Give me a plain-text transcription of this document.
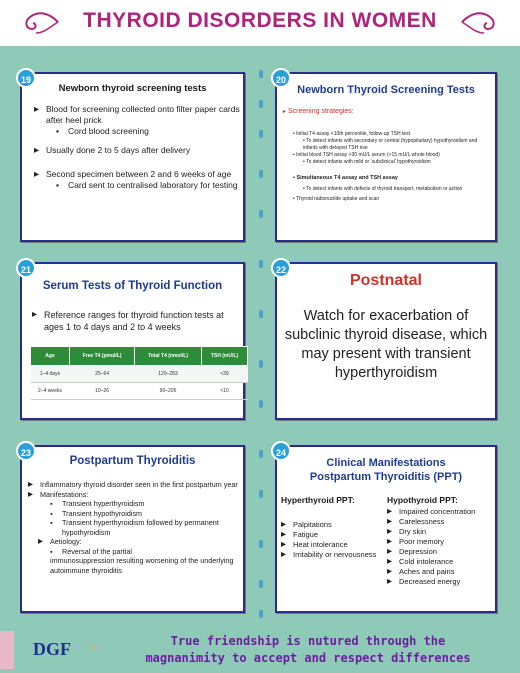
THYROID DISORDERS IN WOMEN
19
Newborn thyroid screening tests
▸ Blood for screening collected onto filter paper cards after heel prick
▪ Cord blood screening
▸ Usually done 2 to 5 days after delivery
▸ Second specimen between 2 and 6 weeks of age
▪ Card sent to centralised laboratory for testing
20
Newborn Thyroid Screening Tests
▸ Screening strategies:
• Initial T4 assay <10th percentile, follow-up TSH test
• To detect infants with secondary or central (hypopituitary) hypothyroidism and infants with delayed TSH rise
• Initial blood TSH assay >30 mU/L serum (>15 mU/L whole blood)
• To detect infants with mild or ‘subclinical’ hypothyroidism
• Simultaneous T4 assay and TSH assay
• To detect infants with defects of thyroid transport, metabolism or action
• Thyroid radionuclide uptake and scan
21
Serum Tests of Thyroid Function
▸ Reference ranges for thyroid function tests at ages 1 to 4 days and 2 to 4 weeks
Age	Free T4 (pmol/L)	Total T4 (nmol/L)	TSH (mU/L)
1–4 days	25–64	129–283	<39
2–4 weeks	10–26	90–206	<10
22
Postnatal
Watch for exacerbation of subclinic thyroid disease, which may present with transient hyperthyroidism
23
Postpartum Thyroiditis
▸ Inflammatory thyroid disorder seen in the first postpartum year
▸ Manifestations:
▪ Transient hyperthyroidism
▪ Transient hypothyroidism
▪ Transient hyperthyroidism followed by permanent hypothyroidism
▸ Aetiology:
▪ Reversal of the partial
immunosuppression resulting worsening of the underlying autoimmune thyroiditis
24
Clinical Manifestations
Postpartum Thyroiditis (PPT)
Hyperthyroid PPT:	Hypothyroid PPT:
▸ Palpitations
▸ Fatigue
▸ Heat intolerance
▸ Irritability or nervousness
▸ Impaired concentration
▸ Carelessness
▸ Dry skin
▸ Poor memory
▸ Depression
▸ Cold intolerance
▸ Aches and pains
▸ Decreased energy
DGF ⟶	True friendship is nutured through the
magnanimity to accept and respect differences
